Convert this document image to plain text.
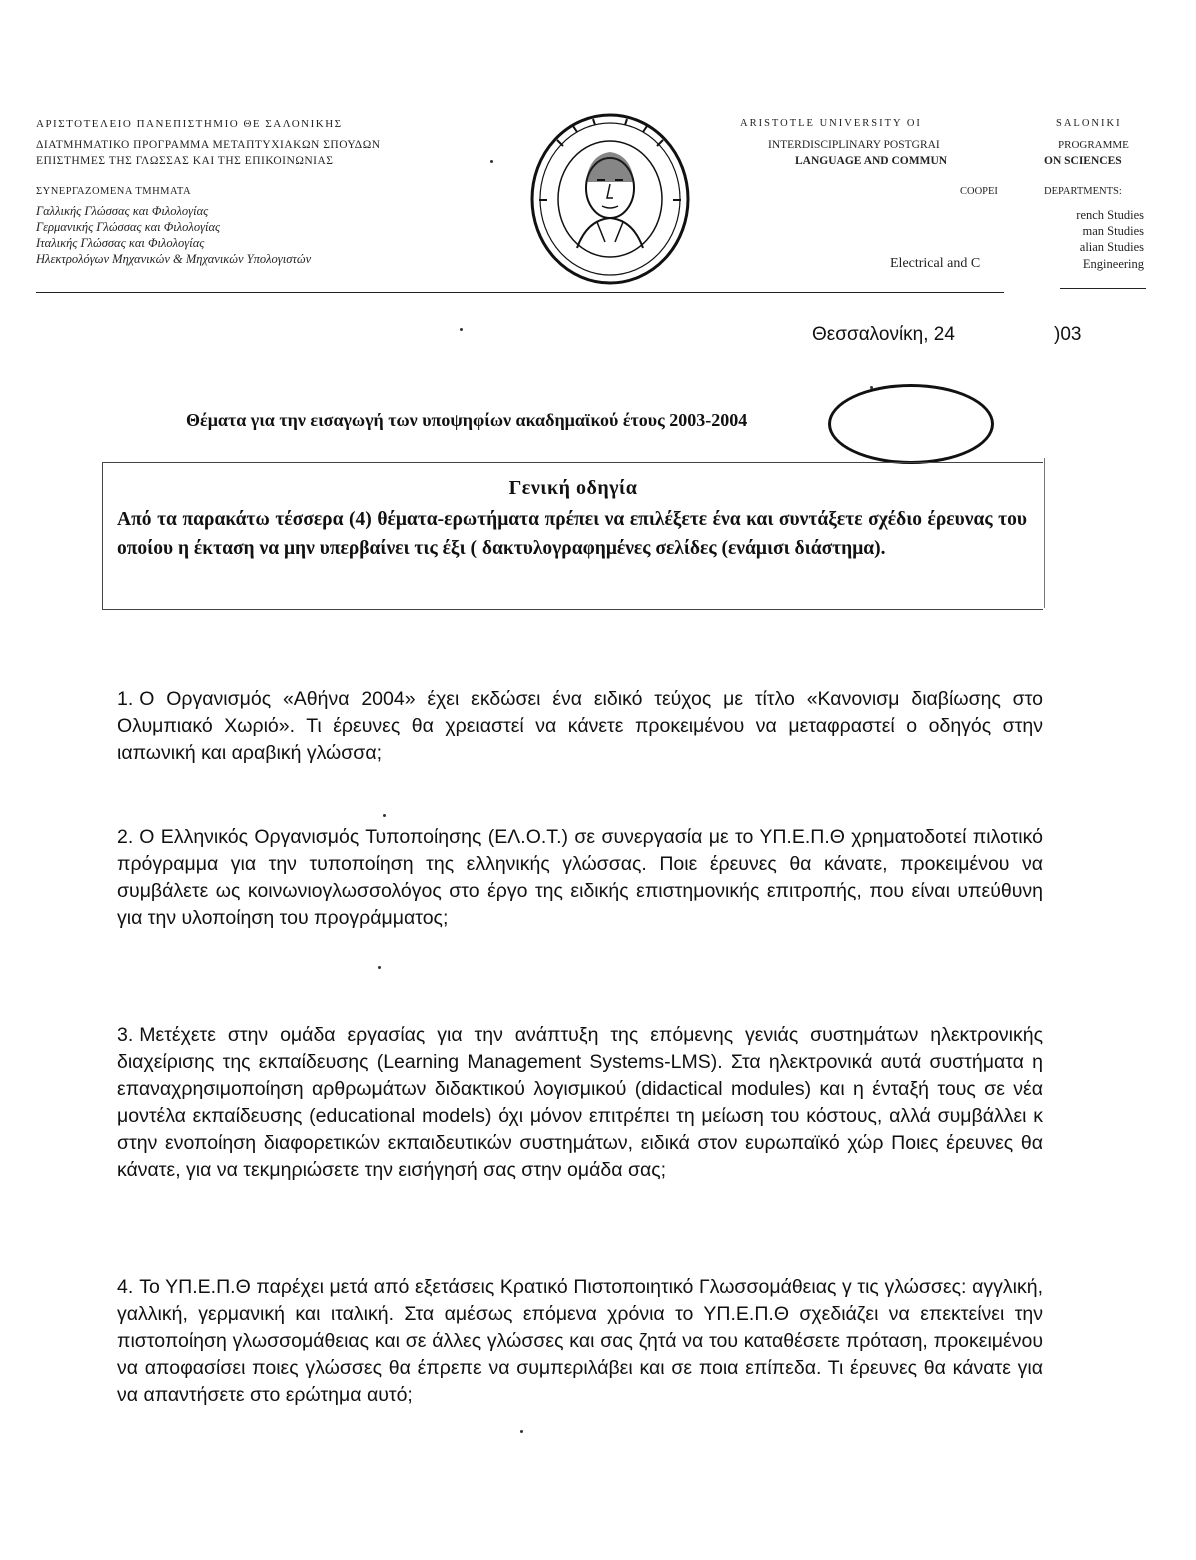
ΑΡΙΣΤΟΤΕΛΕΙΟ ΠΑΝΕΠΙΣΤΗΜΙΟ ΘΕ ΣΑΛΟΝΙΚΗΣ
ΔΙΑΤΜΗΜΑΤΙΚΟ ΠΡΟΓΡΑΜΜΑ ΜΕΤΑΠΤΥΧΙΑΚΩΝ ΣΠΟΥΔΩΝ
ΕΠΙΣΤΗΜΕΣ ΤΗΣ ΓΛΩΣΣΑΣ ΚΑΙ ΤΗΣ ΕΠΙΚΟΙΝΩΝΙΑΣ
ΣΥΝΕΡΓΑΖΟΜΕΝΑ ΤΜΗΜΑΤΑ
Γαλλικής Γλώσσας και Φιλολογίας
Γερμανικής Γλώσσας και Φιλολογίας
Ιταλικής Γλώσσας και Φιλολογίας
Ηλεκτρολόγων Μηχανικών & Μηχανικών Υπολογιστών
ARISTOTLE UNIVERSITY OI	SALONIKI
INTERDISCIPLINARY POSTGRAI	PROGRAMME
LANGUAGE AND COMMUN	ON SCIENCES
COOPEI	DEPARTMENTS:
rench Studies
man Studies
alian Studies
Engineering
Electrical and C
Θεσσαλονίκη, 24	)03
Θέματα για την εισαγωγή των υποψηφίων ακαδημαϊκού έτους 2003-2004
Γενική οδηγία
Από τα παρακάτω τέσσερα (4) θέματα-ερωτήματα πρέπει να επιλέξετε ένα και συντάξετε σχέδιο έρευνας του οποίου η έκταση να μην υπερβαίνει τις έξι ( δακτυλογραφημένες σελίδες (ενάμισι διάστημα).
1. Ο Οργανισμός «Αθήνα 2004» έχει εκδώσει ένα ειδικό τεύχος με τίτλο «Κανονισμ διαβίωσης στο Ολυμπιακό Χωριό». Τι έρευνες θα χρειαστεί να κάνετε προκειμένου να μεταφραστεί ο οδηγός στην ιαπωνική και αραβική γλώσσα;
2. Ο Ελληνικός Οργανισμός Τυποποίησης (ΕΛ.Ο.Τ.) σε συνεργασία με το ΥΠ.Ε.Π.Θ χρηματοδοτεί πιλοτικό πρόγραμμα για την τυποποίηση της ελληνικής γλώσσας. Ποιε έρευνες θα κάνατε, προκειμένου να συμβάλετε ως κοινωνιογλωσσολόγος στο έργο της ειδικής επιστημονικής επιτροπής, που είναι υπεύθυνη για την υλοποίηση του προγράμματος;
3. Μετέχετε στην ομάδα εργασίας για την ανάπτυξη της επόμενης γενιάς συστημάτων ηλεκτρονικής διαχείρισης της εκπαίδευσης (Learning Management Systems-LMS). Στα ηλεκτρονικά αυτά συστήματα η επαναχρησιμοποίηση αρθρωμάτων διδακτικού λογισμικού (didactical modules) και η ένταξή τους σε νέα μοντέλα εκπαίδευσης (educational models) όχι μόνον επιτρέπει τη μείωση του κόστους, αλλά συμβάλλει κ στην ενοποίηση διαφορετικών εκπαιδευτικών συστημάτων, ειδικά στον ευρωπαϊκό χώρ Ποιες έρευνες θα κάνατε, για να τεκμηριώσετε την εισήγησή σας στην ομάδα σας;
4. Το ΥΠ.Ε.Π.Θ παρέχει μετά από εξετάσεις Κρατικό Πιστοποιητικό Γλωσσομάθειας γ τις γλώσσες: αγγλική, γαλλική, γερμανική και ιταλική. Στα αμέσως επόμενα χρόνια το ΥΠ.Ε.Π.Θ σχεδιάζει να επεκτείνει την πιστοποίηση γλωσσομάθειας και σε άλλες γλώσσες και σας ζητά να του καταθέσετε πρόταση, προκειμένου να αποφασίσει ποιες γλώσσες θα έπρεπε να συμπεριλάβει και σε ποια επίπεδα. Τι έρευνες θα κάνατε για να απαντήσετε στο ερώτημα αυτό;
